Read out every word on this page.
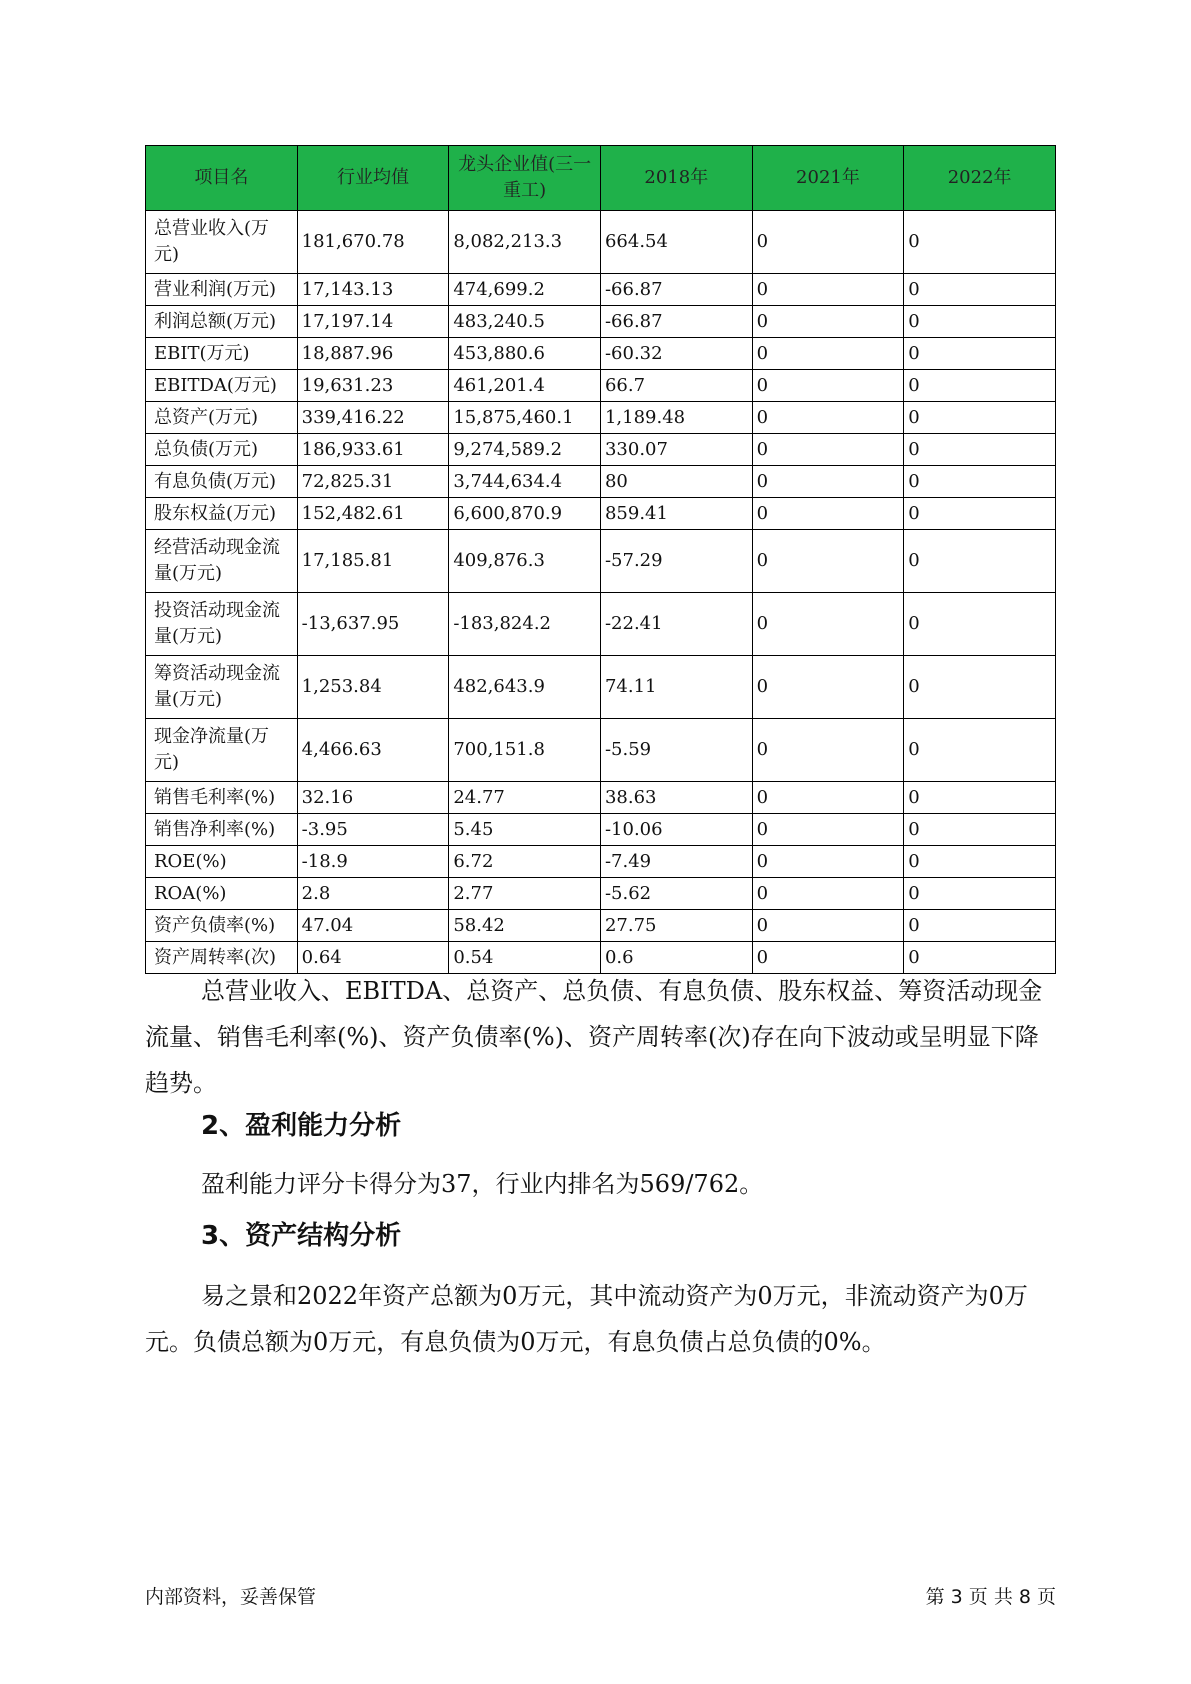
项目名	行业均值	龙头企业值(三一重工)	2018年	2021年	2022年
总营业收入(万元)	181,670.78	8,082,213.3	664.54	0	0
营业利润(万元)	17,143.13	474,699.2	-66.87	0	0
利润总额(万元)	17,197.14	483,240.5	-66.87	0	0
EBIT(万元)	18,887.96	453,880.6	-60.32	0	0
EBITDA(万元)	19,631.23	461,201.4	66.7	0	0
总资产(万元)	339,416.22	15,875,460.1	1,189.48	0	0
总负债(万元)	186,933.61	9,274,589.2	330.07	0	0
有息负债(万元)	72,825.31	3,744,634.4	80	0	0
股东权益(万元)	152,482.61	6,600,870.9	859.41	0	0
经营活动现金流量(万元)	17,185.81	409,876.3	-57.29	0	0
投资活动现金流量(万元)	-13,637.95	-183,824.2	-22.41	0	0
筹资活动现金流量(万元)	1,253.84	482,643.9	74.11	0	0
现金净流量(万元)	4,466.63	700,151.8	-5.59	0	0
销售毛利率(%)	32.16	24.77	38.63	0	0
销售净利率(%)	-3.95	5.45	-10.06	0	0
ROE(%)	-18.9	6.72	-7.49	0	0
ROA(%)	2.8	2.77	-5.62	0	0
资产负债率(%)	47.04	58.42	27.75	0	0
资产周转率(次)	0.64	0.54	0.6	0	0

总营业收入、EBITDA、总资产、总负债、有息负债、股东权益、筹资活动现金流量、销售毛利率(%)、资产负债率(%)、资产周转率(次)存在向下波动或呈明显下降趋势。

2、盈利能力分析

盈利能力评分卡得分为37，行业内排名为569/762。

3、资产结构分析

易之景和2022年资产总额为0万元，其中流动资产为0万元，非流动资产为0万元。负债总额为0万元，有息负债为0万元，有息负债占总负债的0%。

内部资料，妥善保管	第 3 页 共 8 页
